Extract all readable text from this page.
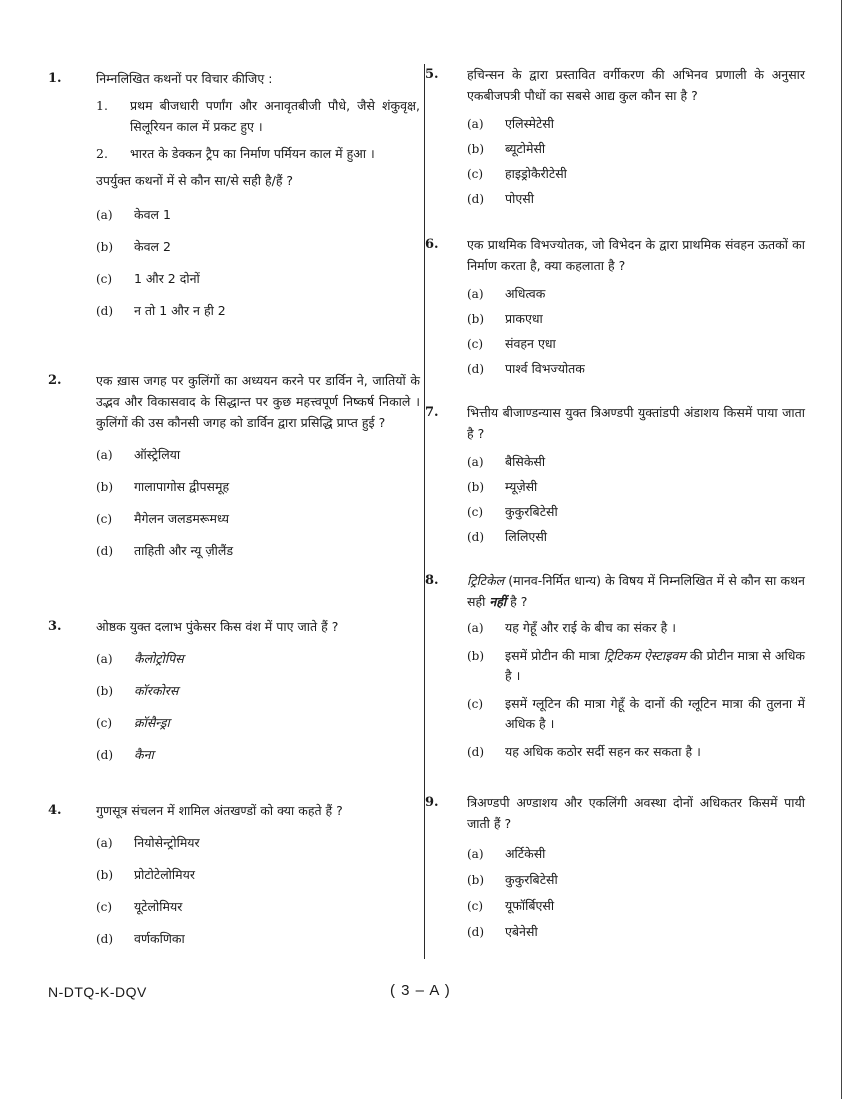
1.	निम्नलिखित कथनों पर विचार कीजिए :
1. प्रथम बीजधारी पर्णांग और अनावृतबीजी पौधे, जैसे शंकुवृक्ष, सिलूरियन काल में प्रकट हुए ।
2. भारत के डेक्कन ट्रैप का निर्माण पर्मियन काल में हुआ ।
उपर्युक्त कथनों में से कौन सा/से सही है/हैं ?
(a) केवल 1
(b) केवल 2
(c) 1 और 2 दोनों
(d) न तो 1 और न ही 2
2.	एक ख़ास जगह पर कुलिंगों का अध्ययन करने पर डार्विन ने, जातियों के उद्भव और विकासवाद के सिद्धान्त पर कुछ महत्त्वपूर्ण निष्कर्ष निकाले । कुलिंगों की उस कौनसी जगह को डार्विन द्वारा प्रसिद्धि प्राप्त हुई ?
(a) ऑस्ट्रेलिया
(b) गालापागोस द्वीपसमूह
(c) मैगेलन जलडमरूमध्य
(d) ताहिती और न्यू ज़ीलैंड
3.	ओष्ठक युक्त दलाभ पुंकेसर किस वंश में पाए जाते हैं ?
(a) कैलोट्रोपिस
(b) कॉरकोरस
(c) क्रॉसैन्ड्रा
(d) कैना
4.	गुणसूत्र संचलन में शामिल अंतखण्डों को क्या कहते हैं ?
(a) नियोसेन्ट्रोमियर
(b) प्रोटोटेलोमियर
(c) यूटेलोमियर
(d) वर्णकणिका
5.	हचिन्सन के द्वारा प्रस्तावित वर्गीकरण की अभिनव प्रणाली के अनुसार एकबीजपत्री पौधों का सबसे आद्य कुल कौन सा है ?
(a) एलिस्मेटेसी
(b) ब्यूटोमेसी
(c) हाइड्रोकैरीटेसी
(d) पोएसी
6.	एक प्राथमिक विभज्योतक, जो विभेदन के द्वारा प्राथमिक संवहन ऊतकों का निर्माण करता है, क्या कहलाता है ?
(a) अधित्वक
(b) प्राकएधा
(c) संवहन एधा
(d) पार्श्व विभज्योतक
7.	भित्तीय बीजाण्डन्यास युक्त त्रिअण्डपी युक्तांडपी अंडाशय किसमें पाया जाता है ?
(a) बैसिकेसी
(b) म्यूज़ेसी
(c) कुकुरबिटेसी
(d) लिलिएसी
8.	ट्रिटिकेल (मानव-निर्मित धान्य) के विषय में निम्नलिखित में से कौन सा कथन सही नहीं है ?
(a) यह गेहूँ और राई के बीच का संकर है ।
(b) इसमें प्रोटीन की मात्रा ट्रिटिकम ऐस्टाइवम की प्रोटीन मात्रा से अधिक है ।
(c) इसमें ग्लूटिन की मात्रा गेहूँ के दानों की ग्लूटिन मात्रा की तुलना में अधिक है ।
(d) यह अधिक कठोर सर्दी सहन कर सकता है ।
9.	त्रिअण्डपी अण्डाशय और एकलिंगी अवस्था दोनों अधिकतर किसमें पायी जाती हैं ?
(a) अर्टिकेसी
(b) कुकुरबिटेसी
(c) यूफॉर्बिएसी
(d) एबेनेसी
N-DTQ-K-DQV	( 3 – A )
